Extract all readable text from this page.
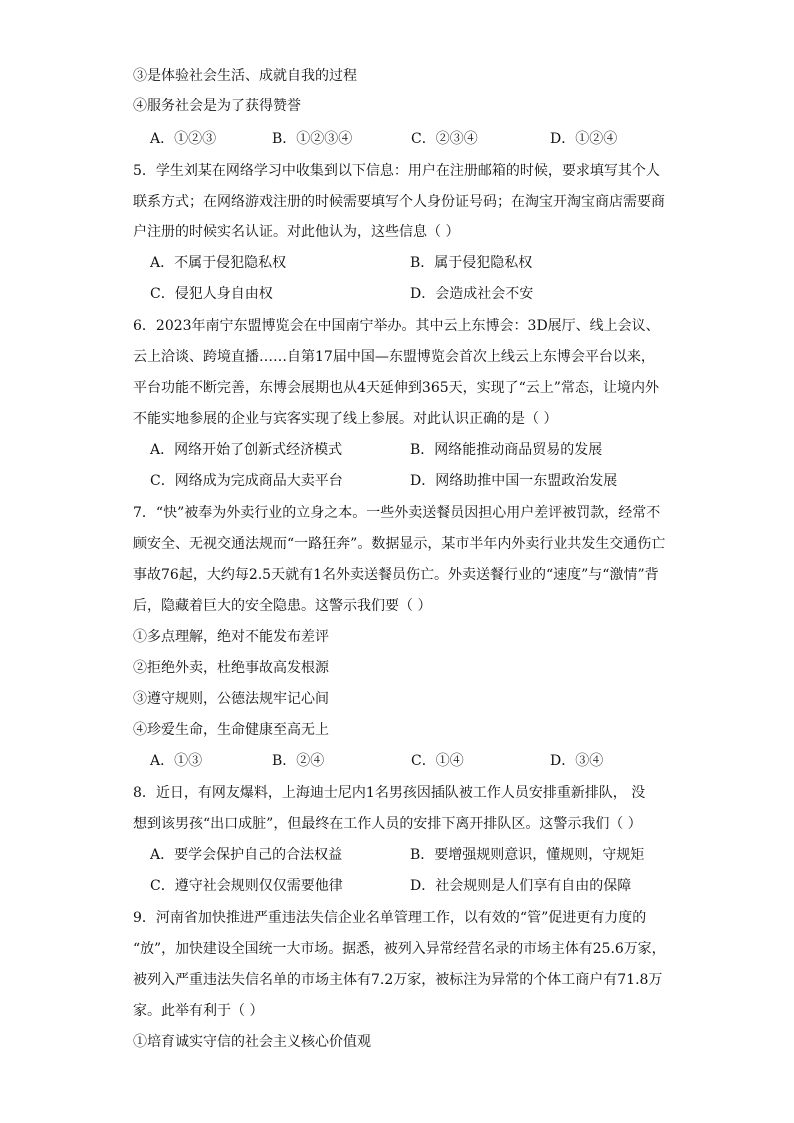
③是体验社会生活、成就自我的过程
④服务社会是为了获得赞誉
A．①②③	B．①②③④	C．②③④	D．①②④
5．学生刘某在网络学习中收集到以下信息：用户在注册邮箱的时候，要求填写其个人
联系方式；在网络游戏注册的时候需要填写个人身份证号码；在淘宝开淘宝商店需要商
户注册的时候实名认证。对此他认为，这些信息（ ）
A．不属于侵犯隐私权	B．属于侵犯隐私权
C．侵犯人身自由权	D．会造成社会不安
6．2023年南宁东盟博览会在中国南宁举办。其中云上东博会：3D展厅、线上会议、
云上洽谈、跨境直播……自第17届中国—东盟博览会首次上线云上东博会平台以来，
平台功能不断完善，东博会展期也从4天延伸到365天，实现了“云上”常态，让境内外
不能实地参展的企业与宾客实现了线上参展。对此认识正确的是（ ）
A．网络开始了创新式经济模式	B．网络能推动商品贸易的发展
C．网络成为完成商品大卖平台	D．网络助推中国一东盟政治发展
7．“快”被奉为外卖行业的立身之本。一些外卖送餐员因担心用户差评被罚款，经常不
顾安全、无视交通法规而“一路狂奔”。数据显示，某市半年内外卖行业共发生交通伤亡
事故76起，大约每2.5天就有1名外卖送餐员伤亡。外卖送餐行业的“速度”与“激情”背
后，隐藏着巨大的安全隐患。这警示我们要（ ）
①多点理解，绝对不能发布差评
②拒绝外卖，杜绝事故高发根源
③遵守规则，公德法规牢记心间
④珍爱生命，生命健康至高无上
A．①③	B．②④	C．①④	D．③④
8．近日，有网友爆料，上海迪士尼内1名男孩因插队被工作人员安排重新排队， 没
想到该男孩“出口成脏”，但最终在工作人员的安排下离开排队区。这警示我们（ ）
A．要学会保护自己的合法权益	B．要增强规则意识，懂规则，守规矩
C．遵守社会规则仅仅需要他律	D．社会规则是人们享有自由的保障
9．河南省加快推进严重违法失信企业名单管理工作，以有效的“管”促进更有力度的
“放”，加快建设全国统一大市场。据悉，被列入异常经营名录的市场主体有25.6万家，
被列入严重违法失信名单的市场主体有7.2万家，被标注为异常的个体工商户有71.8万
家。此举有利于（ ）
①培育诚实守信的社会主义核心价值观
